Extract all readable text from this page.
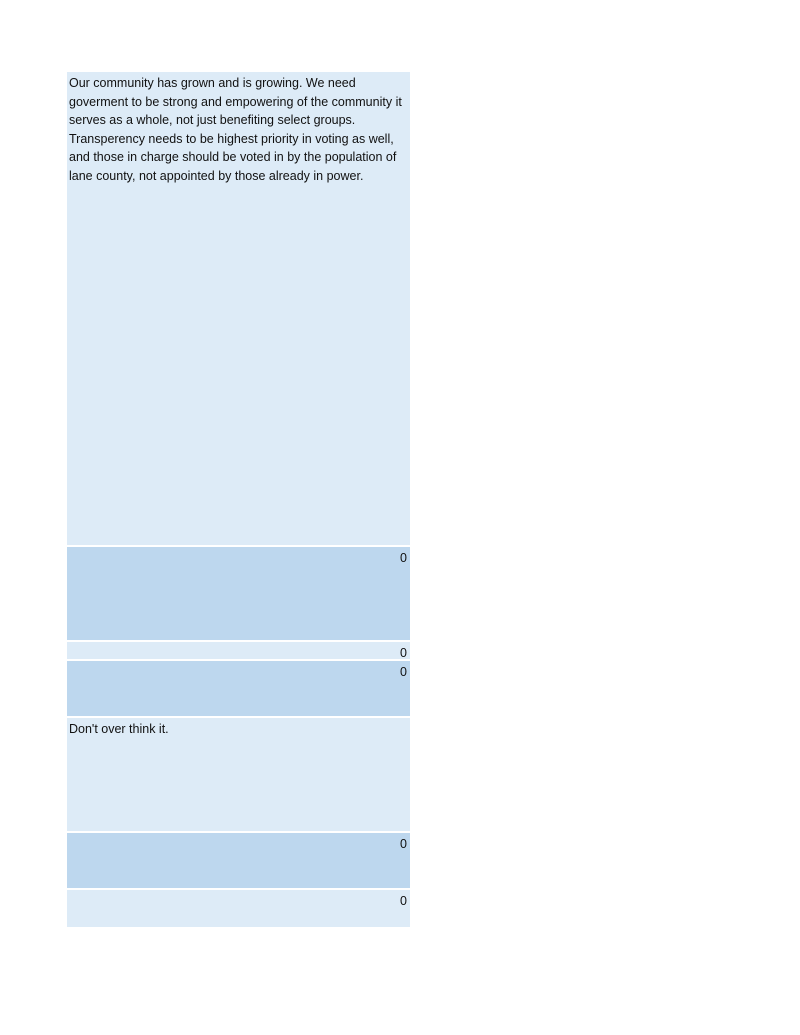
Our community has grown and is growing. We need goverment to be strong and empowering of the community it serves as a whole, not just benefiting select groups. Transperency needs to be highest priority in voting as well, and those in charge should be voted in by the population of lane county, not appointed by those already in power.
0
0
0
Don't over think it.
0
0
